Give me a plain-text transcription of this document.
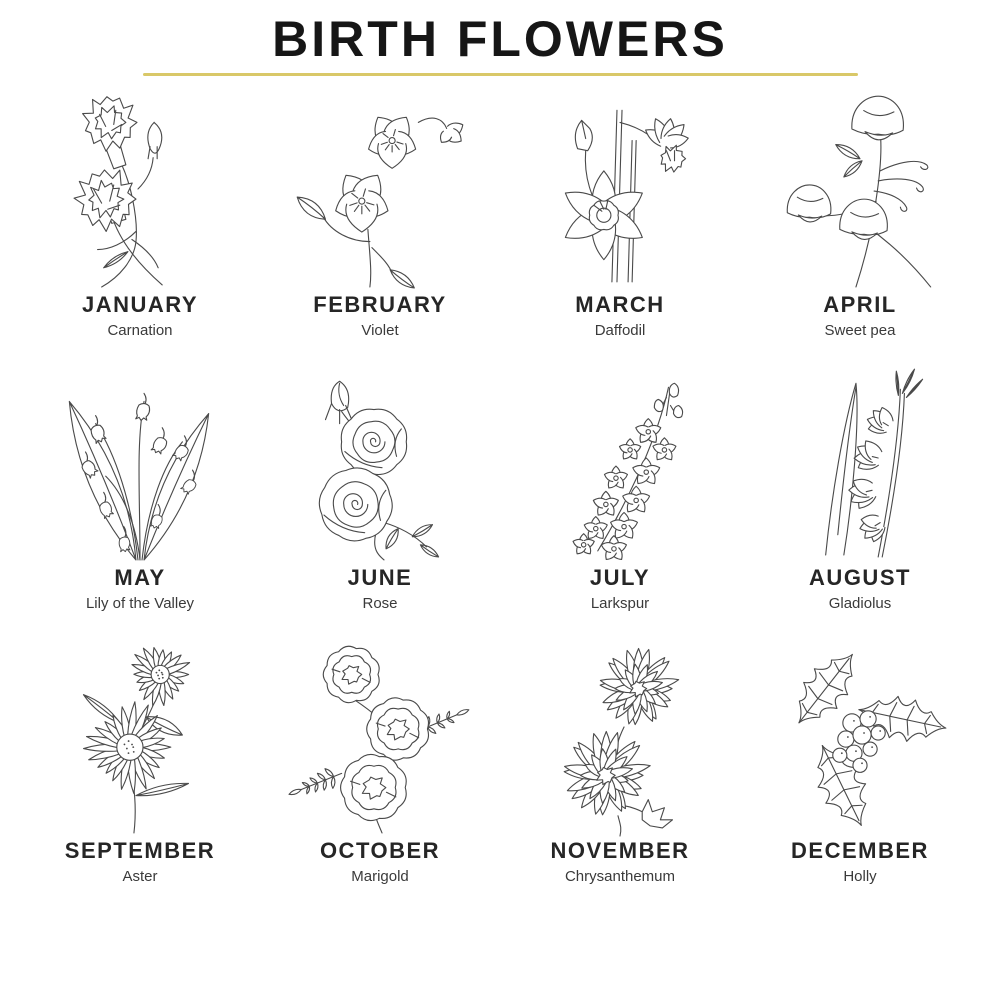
BIRTH FLOWERS
JANUARY
Carnation
FEBRUARY
Violet
MARCH
Daffodil
APRIL
Sweet pea
MAY
Lily of the Valley
JUNE
Rose
JULY
Larkspur
AUGUST
Gladiolus
SEPTEMBER
Aster
OCTOBER
Marigold
NOVEMBER
Chrysanthemum
DECEMBER
Holly
